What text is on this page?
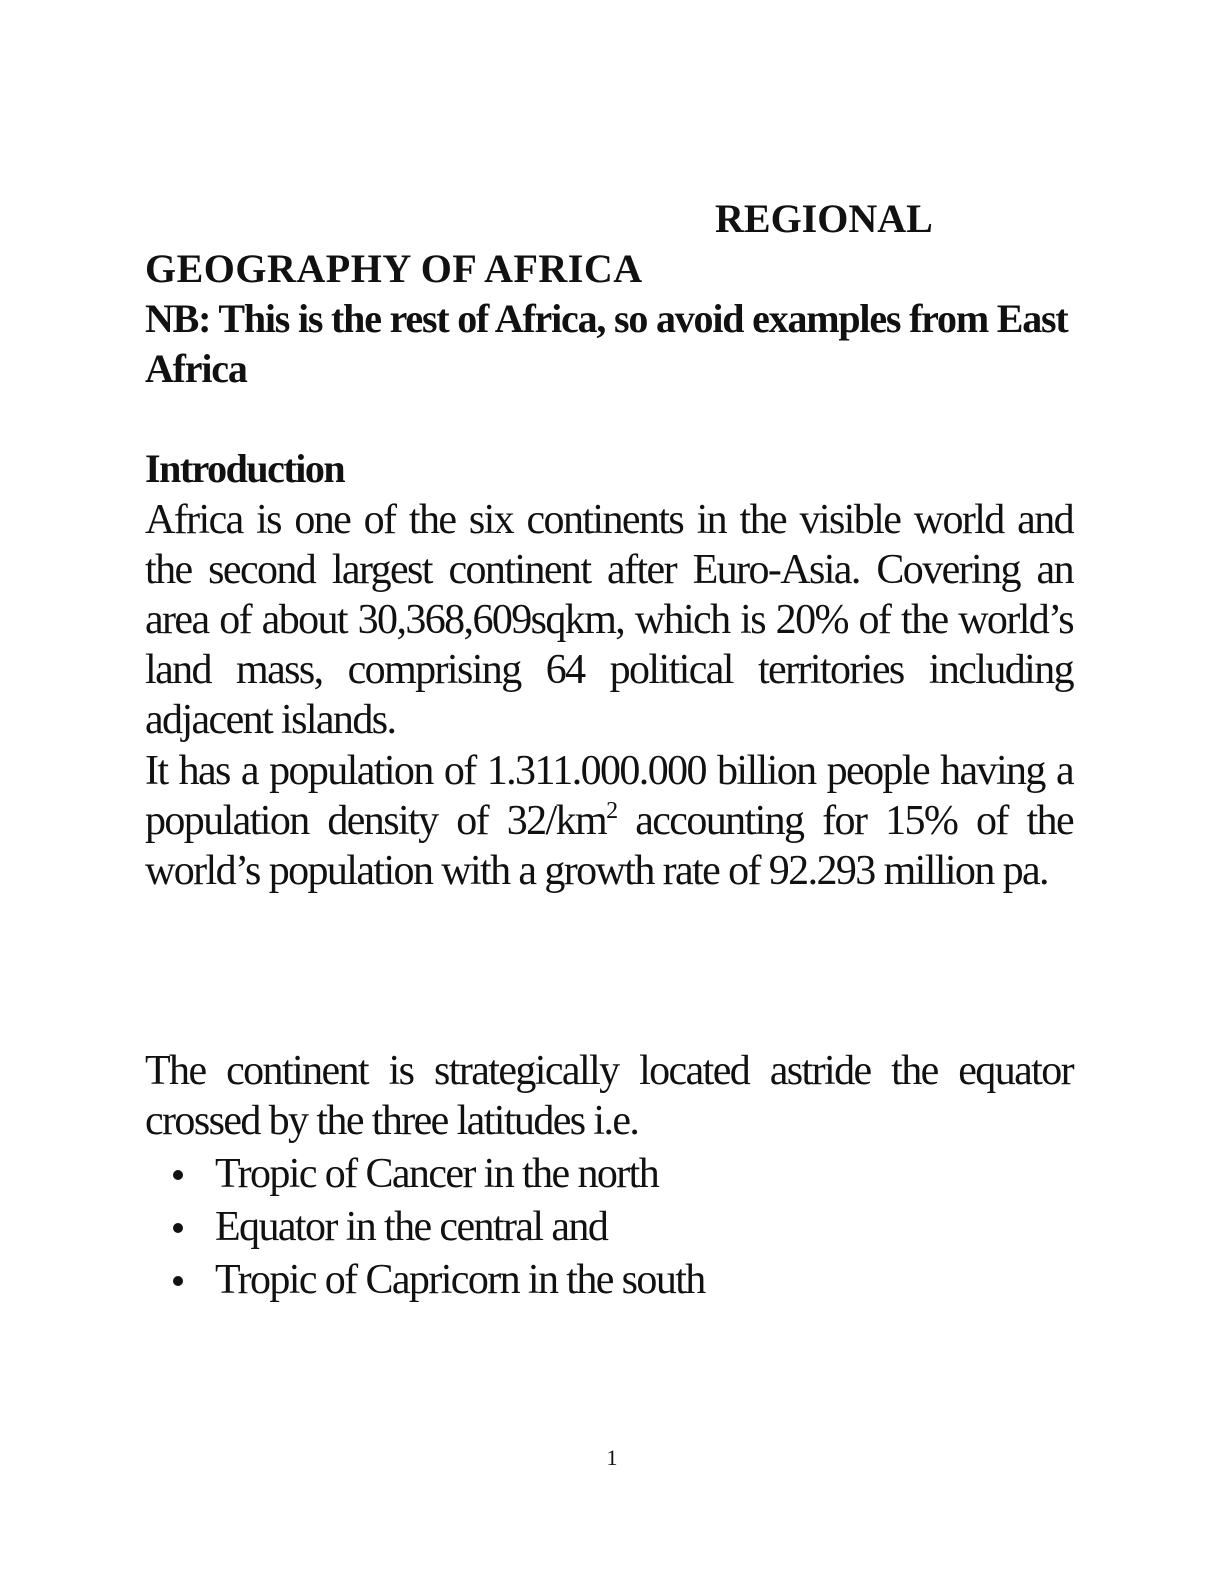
REGIONAL
GEOGRAPHY OF AFRICA
NB: This is the rest of Africa, so avoid examples from East Africa
Introduction
Africa is one of the six continents in the visible world and the second largest continent after Euro-Asia. Covering an area of about 30,368,609sqkm, which is 20% of the world’s land mass, comprising 64 political territories including adjacent islands.
It has a population of 1.311.000.000 billion people having a population density of $32/km^2$ accounting for 15% of the world’s population with a growth rate of 92.293 million pa.
The continent is strategically located astride the equator crossed by the three latitudes i.e.
Tropic of Cancer in the north
Equator in the central and
Tropic of Capricorn in the south
1
